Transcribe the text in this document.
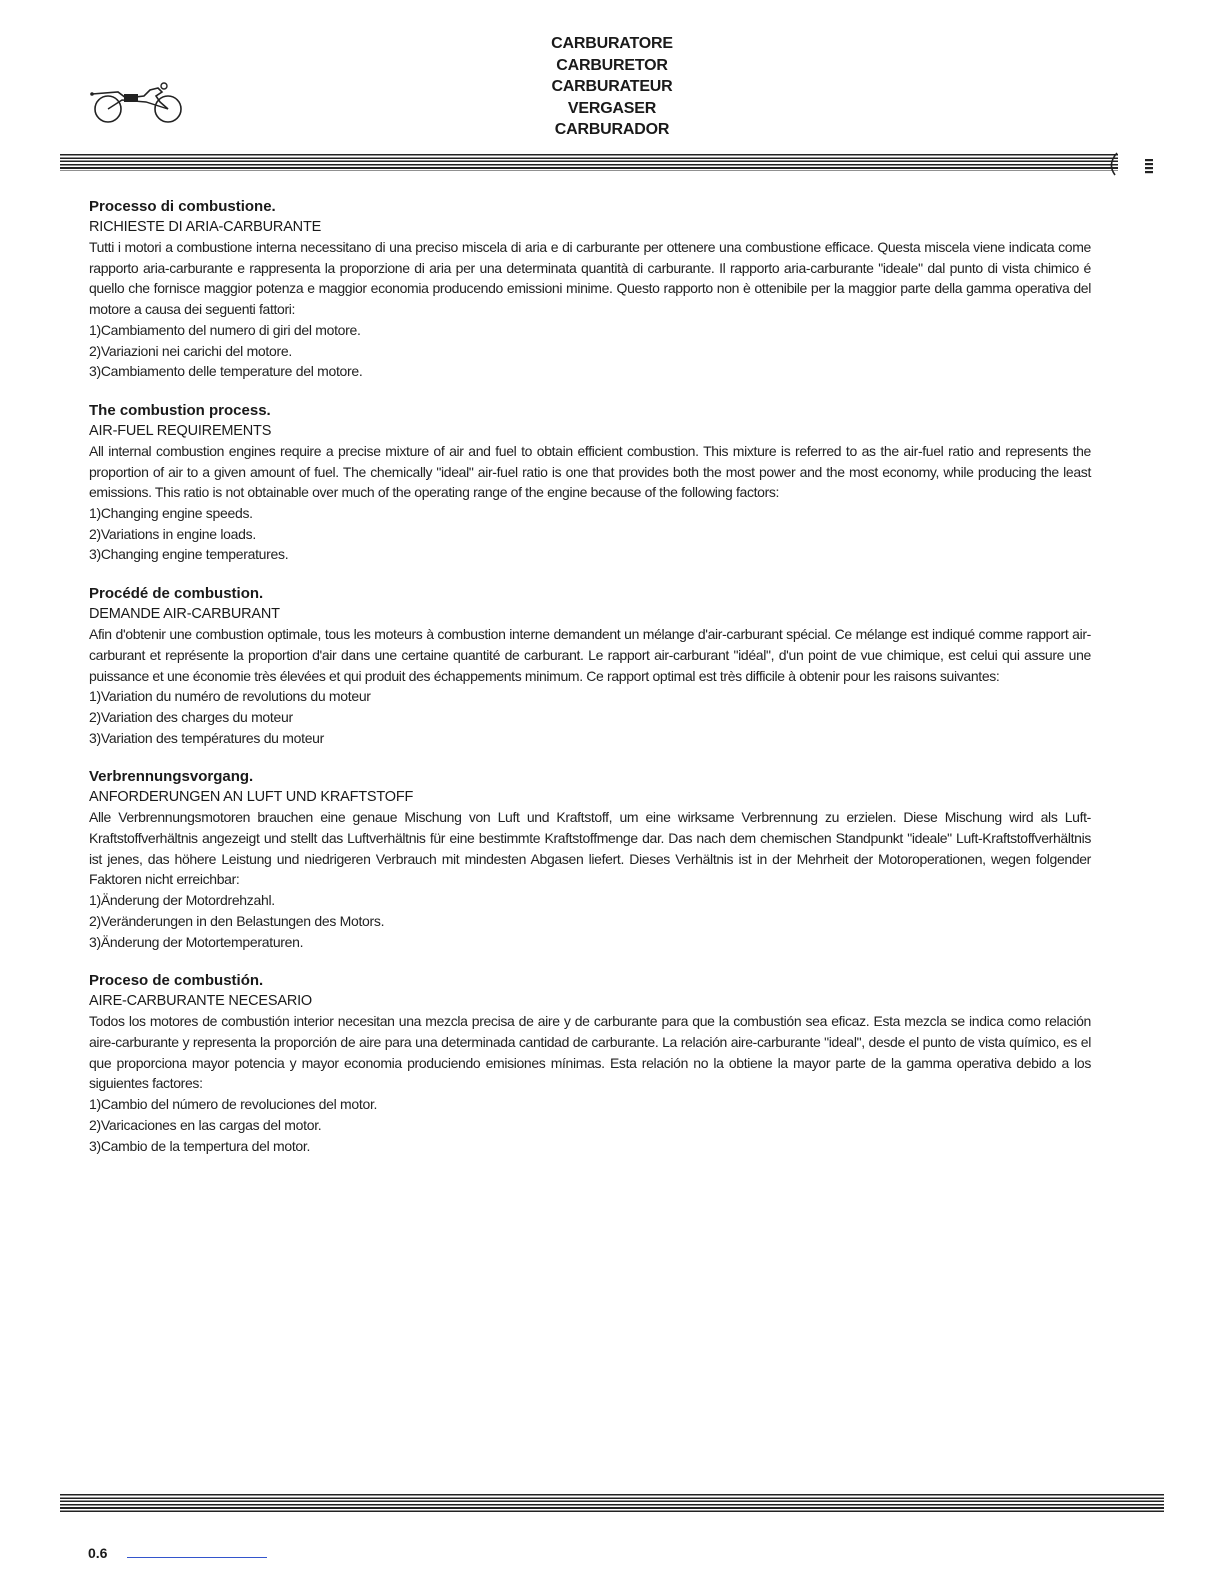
CARBURATORE
CARBURETOR
CARBURATEUR
VERGASER
CARBURADOR
Processo di combustione.
RICHIESTE DI ARIA-CARBURANTE
Tutti i motori a combustione interna necessitano di una preciso miscela di aria e di carburante per ottenere una combustione efficace. Questa miscela viene indicata come rapporto aria-carburante e rappresenta la proporzione di aria per una determinata quantità di carburante. Il rapporto aria-carburante "ideale" dal punto di vista chimico é quello che fornisce maggior potenza e maggior economia producendo emissioni minime. Questo rapporto non è ottenibile per la maggior parte della gamma operativa del motore a causa dei seguenti fattori:
1)Cambiamento del numero di giri del motore.
2)Variazioni nei carichi del motore.
3)Cambiamento delle temperature del motore.
The combustion process.
AIR-FUEL REQUIREMENTS
All internal combustion engines require a precise mixture of air and fuel to obtain efficient combustion. This mixture is referred to as the air-fuel ratio and represents the proportion of air to a given amount of fuel. The chemically "ideal" air-fuel ratio is one that provides both the most power and the most economy, while producing the least emissions. This ratio is not obtainable over much of the operating range of the engine because of the following factors:
1)Changing engine speeds.
2)Variations in engine loads.
3)Changing engine temperatures.
Procédé de combustion.
DEMANDE AIR-CARBURANT
Afin d'obtenir une combustion optimale, tous les moteurs à combustion interne demandent un mélange d'air-carburant spécial. Ce mélange est indiqué comme rapport air-carburant et représente la proportion d'air dans une certaine quantité de carburant. Le rapport air-carburant "idéal", d'un point de vue chimique, est celui qui assure une puissance et une économie très élevées et qui produit des échappements minimum. Ce rapport optimal est très difficile à obtenir pour les raisons suivantes:
1)Variation du numéro de revolutions du moteur
2)Variation des charges du moteur
3)Variation des températures du moteur
Verbrennungsvorgang.
ANFORDERUNGEN AN LUFT UND KRAFTSTOFF
Alle Verbrennungsmotoren brauchen eine genaue Mischung von Luft und Kraftstoff, um eine wirksame Verbrennung zu erzielen. Diese Mischung wird als Luft-Kraftstoffverhältnis angezeigt und stellt das Luftverhältnis für eine bestimmte Kraftstoffmenge dar. Das nach dem chemischen Standpunkt "ideale" Luft-Kraftstoffverhältnis ist jenes, das höhere Leistung und niedrigeren Verbrauch mit mindesten Abgasen liefert. Dieses Verhältnis ist in der Mehrheit der Motoroperationen, wegen folgender Faktoren nicht erreichbar:
1)Änderung der Motordrehzahl.
2)Veränderungen in den Belastungen des Motors.
3)Änderung der Motortemperaturen.
Proceso de combustión.
AIRE-CARBURANTE NECESARIO
Todos los motores de combustión interior necesitan una mezcla precisa de aire y de carburante para que la combustión sea eficaz. Esta mezcla se indica como relación aire-carburante y representa la proporción de aire para una determinada cantidad de carburante. La relación aire-carburante "ideal", desde el punto de vista químico, es el que proporciona mayor potencia y mayor economia produciendo emisiones mínimas. Esta relación no la obtiene la mayor parte de la gamma operativa debido a los siguientes factores:
1)Cambio del número de revoluciones del motor.
2)Varicaciones en las cargas del motor.
3)Cambio de la tempertura del motor.
0.6
